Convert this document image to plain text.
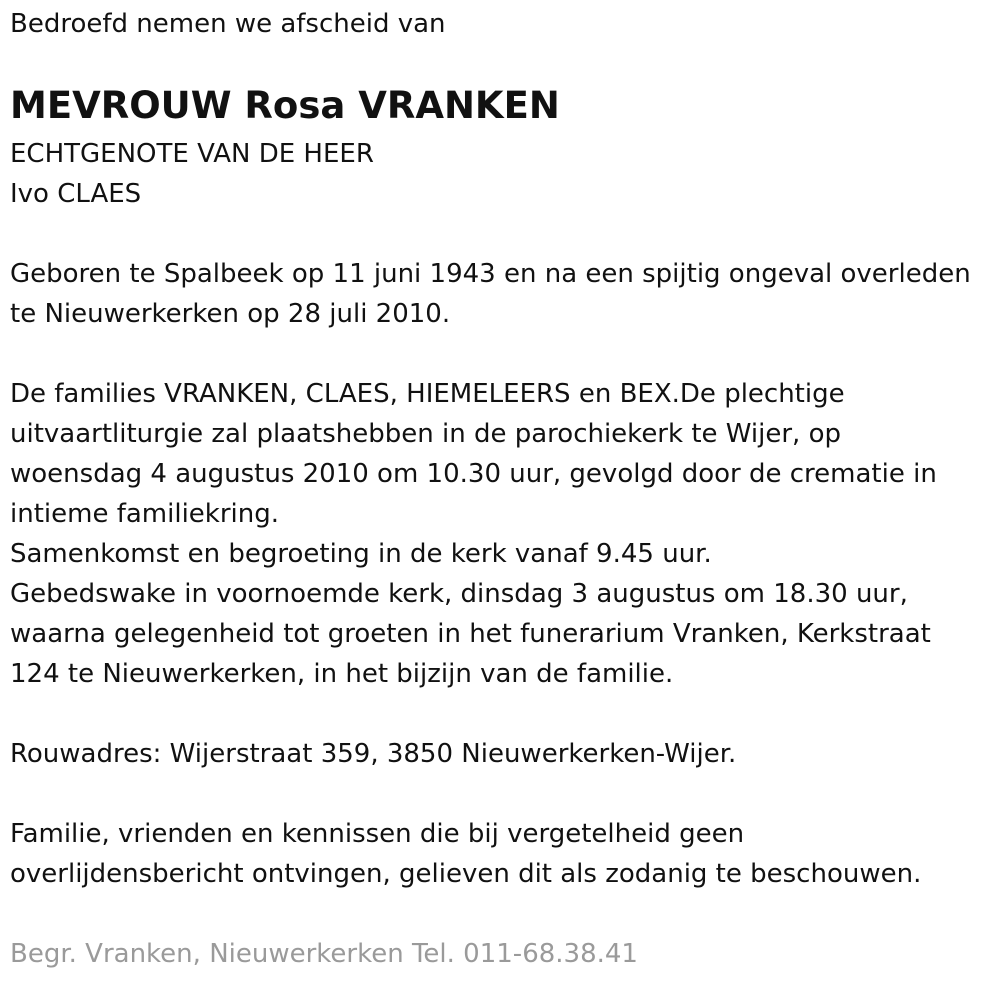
Bedroefd nemen we afscheid van

MEVROUW Rosa VRANKEN

ECHTGENOTE VAN DE HEER

Ivo CLAES

Geboren te Spalbeek op 11 juni 1943 en na een spijtig ongeval overleden

te Nieuwerkerken op 28 juli 2010.

De families VRANKEN, CLAES, HIEMELEERS en BEX.De plechtige

uitvaartliturgie zal plaatshebben in de parochiekerk te Wijer, op

woensdag 4 augustus 2010 om 10.30 uur, gevolgd door de crematie in

intieme familiekring.

Samenkomst en begroeting in de kerk vanaf 9.45 uur.

Gebedswake in voornoemde kerk, dinsdag 3 augustus om 18.30 uur,

waarna gelegenheid tot groeten in het funerarium Vranken, Kerkstraat

124 te Nieuwerkerken, in het bijzijn van de familie.

Rouwadres: Wijerstraat 359, 3850 Nieuwerkerken-Wijer.

Familie, vrienden en kennissen die bij vergetelheid geen

overlijdensbericht ontvingen, gelieven dit als zodanig te beschouwen.

Begr. Vranken, Nieuwerkerken Tel. 011-68.38.41
